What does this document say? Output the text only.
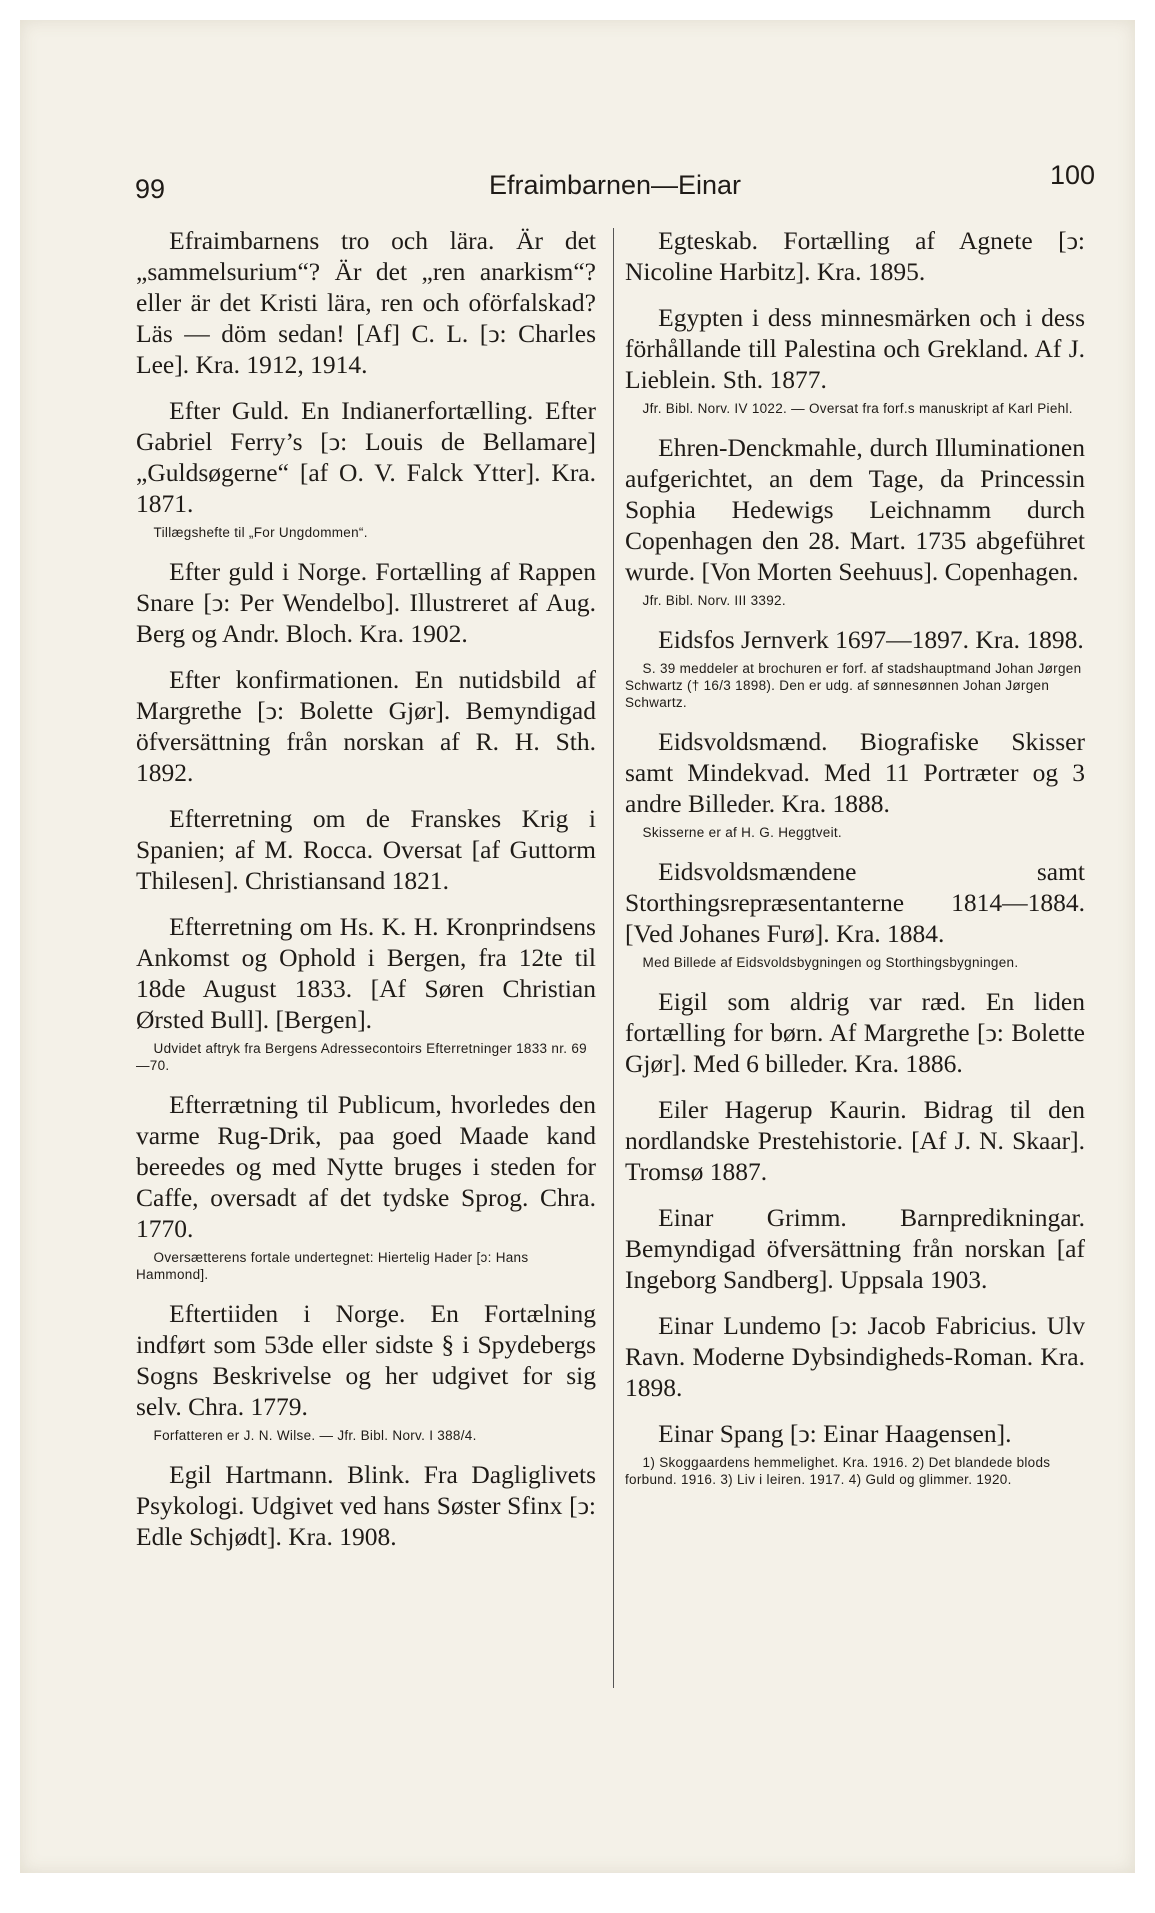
99	Efraimbarnen—Einar	100

Efraimbarnens tro och lära. Är det „sammelsurium“? Är det „ren anarkism“? eller är det Kristi lära, ren och oförfalskad? Läs — döm sedan! [Af] C. L. [ↄ: Charles Lee]. Kra. 1912, 1914.

Efter Guld. En Indianerfortælling. Efter Gabriel Ferry’s [ↄ: Louis de Bellamare] „Guldsøgerne“ [af O. V. Falck Ytter]. Kra. 1871.

Tillægshefte til „For Ungdommen“.

Efter guld i Norge. Fortælling af Rappen Snare [ↄ: Per Wendelbo]. Illustreret af Aug. Berg og Andr. Bloch. Kra. 1902.

Efter konfirmationen. En nutidsbild af Margrethe [ↄ: Bolette Gjør]. Bemyndigad öfversättning från norskan af R. H. Sth. 1892.

Efterretning om de Franskes Krig i Spanien; af M. Rocca. Oversat [af Guttorm Thilesen]. Christiansand 1821.

Efterretning om Hs. K. H. Kronprindsens Ankomst og Ophold i Bergen, fra 12te til 18de August 1833. [Af Søren Christian Ørsted Bull]. [Bergen].

Udvidet aftryk fra Bergens Adressecontoirs Efterretninger 1833 nr. 69—70.

Efterrætning til Publicum, hvorledes den varme Rug-Drik, paa goed Maade kand bereedes og med Nytte bruges i steden for Caffe, oversadt af det tydske Sprog. Chra. 1770.

Oversætterens fortale undertegnet: Hiertelig Hader [ↄ: Hans Hammond].

Eftertiiden i Norge. En Fortælning indført som 53de eller sidste § i Spydebergs Sogns Beskrivelse og her udgivet for sig selv. Chra. 1779.

Forfatteren er J. N. Wilse. — Jfr. Bibl. Norv. I 388/4.

Egil Hartmann. Blink. Fra Dagliglivets Psykologi. Udgivet ved hans Søster Sfinx [ↄ: Edle Schjødt]. Kra. 1908.

Egteskab. Fortælling af Agnete [ↄ: Nicoline Harbitz]. Kra. 1895.

Egypten i dess minnesmärken och i dess förhållande till Palestina och Grekland. Af J. Lieblein. Sth. 1877.

Jfr. Bibl. Norv. IV 1022. — Oversat fra forf.s manuskript af Karl Piehl.

Ehren-Denckmahle, durch Illuminationen aufgerichtet, an dem Tage, da Princessin Sophia Hedewigs Leichnamm durch Copenhagen den 28. Mart. 1735 abgeführet wurde. [Von Morten Seehuus]. Copenhagen.

Jfr. Bibl. Norv. III 3392.

Eidsfos Jernverk 1697—1897. Kra. 1898.

S. 39 meddeler at brochuren er forf. af stadshauptmand Johan Jørgen Schwartz († 16/3 1898). Den er udg. af sønnesønnen Johan Jørgen Schwartz.

Eidsvoldsmænd. Biografiske Skisser samt Mindekvad. Med 11 Portræter og 3 andre Billeder. Kra. 1888.

Skisserne er af H. G. Heggtveit.

Eidsvoldsmændene samt Storthingsrepræsentanterne 1814—1884. [Ved Johanes Furø]. Kra. 1884.

Med Billede af Eidsvoldsbygningen og Storthingsbygningen.

Eigil som aldrig var ræd. En liden fortælling for børn. Af Margrethe [ↄ: Bolette Gjør]. Med 6 billeder. Kra. 1886.

Eiler Hagerup Kaurin. Bidrag til den nordlandske Prestehistorie. [Af J. N. Skaar]. Tromsø 1887.

Einar Grimm. Barnpredikningar. Bemyndigad öfversättning från norskan [af Ingeborg Sandberg]. Uppsala 1903.

Einar Lundemo [ↄ: Jacob Fabricius. Ulv Ravn. Moderne Dybsindigheds-Roman. Kra. 1898.

Einar Spang [ↄ: Einar Haagensen].

1) Skoggaardens hemmelighet. Kra. 1916. 2) Det blandede blods forbund. 1916. 3) Liv i leiren. 1917. 4) Guld og glimmer. 1920.
